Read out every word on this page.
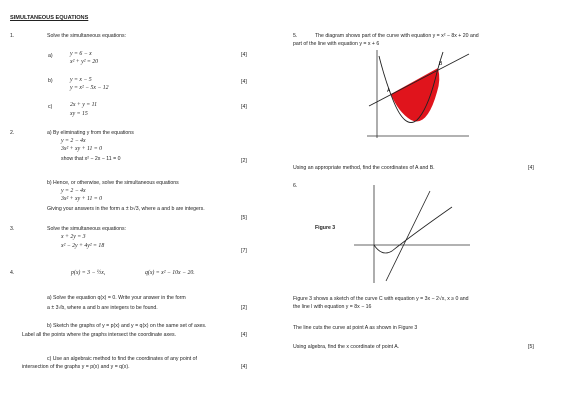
SIMULTANEOUS EQUATIONS
1.	Solve the simultaneous equations:
a)	y = 6 − x
x² + y² = 20
[4]
b)	y = x − 5
y = x² − 5x − 12
[4]
c)	2x + y = 11
xy = 15
[4]
2.	a) By eliminating y from the equations
y = 2 − 4x
3x² + xy + 11 = 0
show that x² − 2x − 11 = 0	[2]
b) Hence, or otherwise, solve the simultaneous equations
y = 2 − 4x
3x² + xy + 11 = 0
Giving your answers in the form a ± b√3, where a and b are integers.
[5]
3.	Solve the simultaneous equations:
x + 2y = 3
x² − 2y + 4y² = 18
[7]
4.	p(x) = 3 − ½x,	q(x) = x² − 10x − 20.
a) Solve the equation q(x) = 0. Write your answer in the form
a ± 3√b, where a and b are integers to be found.	[2]
b) Sketch the graphs of y = p(x) and y = q(x) on the same set of axes.
Label all the points where the graphs intersect the coordinate axes.	[4]
c) Use an algebraic method to find the coordinates of any point of
intersection of the graphs y = p(x) and y = q(x).	[4]
5.	The diagram shows part of the curve with equation y = x² − 8x + 20 and
part of the line with equation y = x + 6
A
B
Using an appropriate method, find the coordinates of A and B.	[4]
6.
Figure 3
Figure 3 shows a sketch of the curve C with equation y = 3x − 2√x, x ≥ 0 and
the line l with equation y = 8x − 16
The line cuts the curve at point A as shown in Figure 3
Using algebra, find the x coordinate of point A.	[5]
